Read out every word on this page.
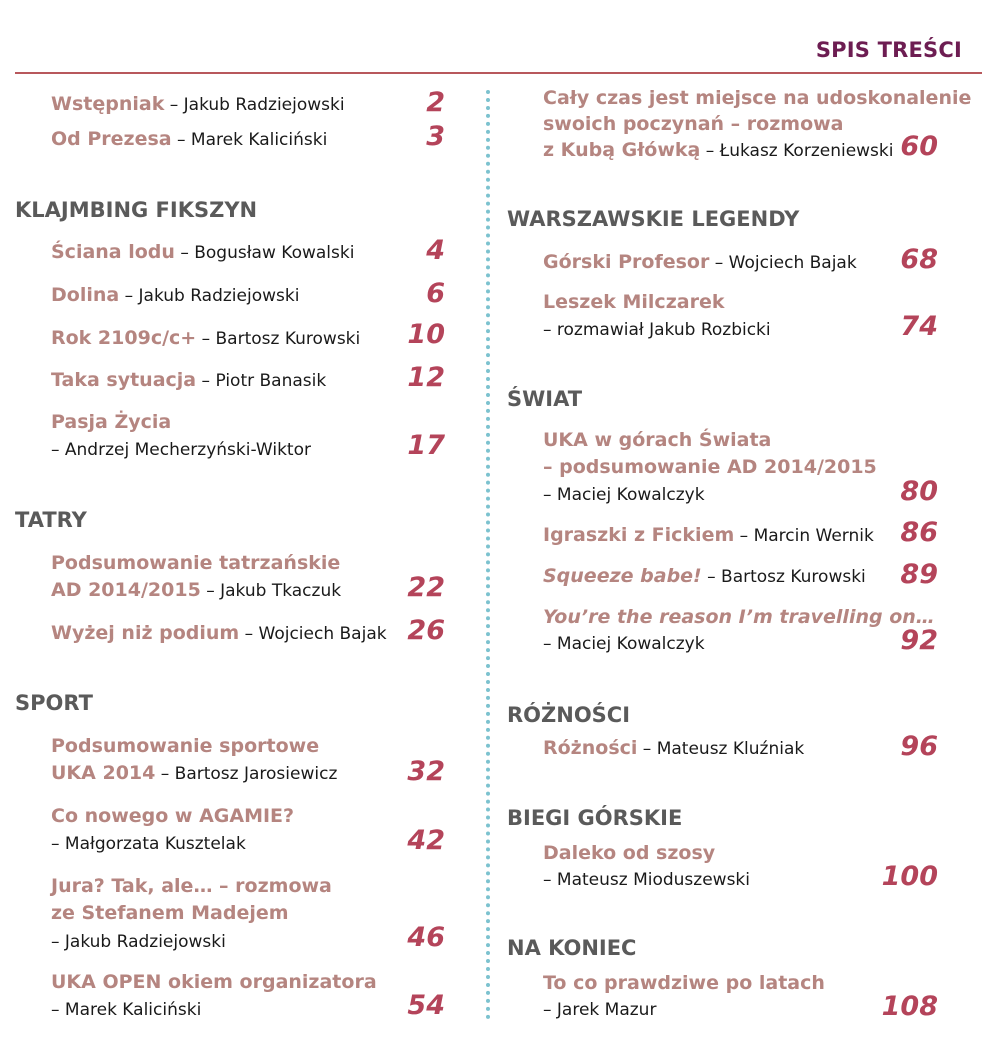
SPIS TREŚCI
Wstępniak – Jakub Radziejowski	2
Od Prezesa – Marek Kaliciński	3
KLAJMBING FIKSZYN
Ściana lodu – Bogusław Kowalski	4
Dolina – Jakub Radziejowski	6
Rok 2109c/c+ – Bartosz Kurowski	10
Taka sytuacja – Piotr Banasik	12
Pasja Życia
– Andrzej Mecherzyński-Wiktor	17
TATRY
Podsumowanie tatrzańskie
AD 2014/2015 – Jakub Tkaczuk	22
Wyżej niż podium – Wojciech Bajak 26
SPORT
Podsumowanie sportowe
UKA 2014 – Bartosz Jarosiewicz	32
Co nowego w AGAMIE?
– Małgorzata Kusztelak	42
Jura? Tak, ale… – rozmowa
ze Stefanem Madejem
– Jakub Radziejowski	46
UKA OPEN okiem organizatora
– Marek Kaliciński	54
Cały czas jest miejsce na udoskonalenie
swoich poczynań – rozmowa
z Kubą Główką – Łukasz Korzeniewski 60
WARSZAWSKIE LEGENDY
Górski Profesor – Wojciech Bajak	68
Leszek Milczarek
– rozmawiał Jakub Rozbicki	74
ŚWIAT
UKA w górach Świata
– podsumowanie AD 2014/2015
– Maciej Kowalczyk	80
Igraszki z Fickiem – Marcin Wernik 86
Squeeze babe! – Bartosz Kurowski	89
You’re the reason I’m travelling on…
– Maciej Kowalczyk	92
RÓŻNOŚCI
Różności – Mateusz Kluźniak	96
BIEGI GÓRSKIE
Daleko od szosy
– Mateusz Mioduszewski	100
NA KONIEC
To co prawdziwe po latach
– Jarek Mazur	108
